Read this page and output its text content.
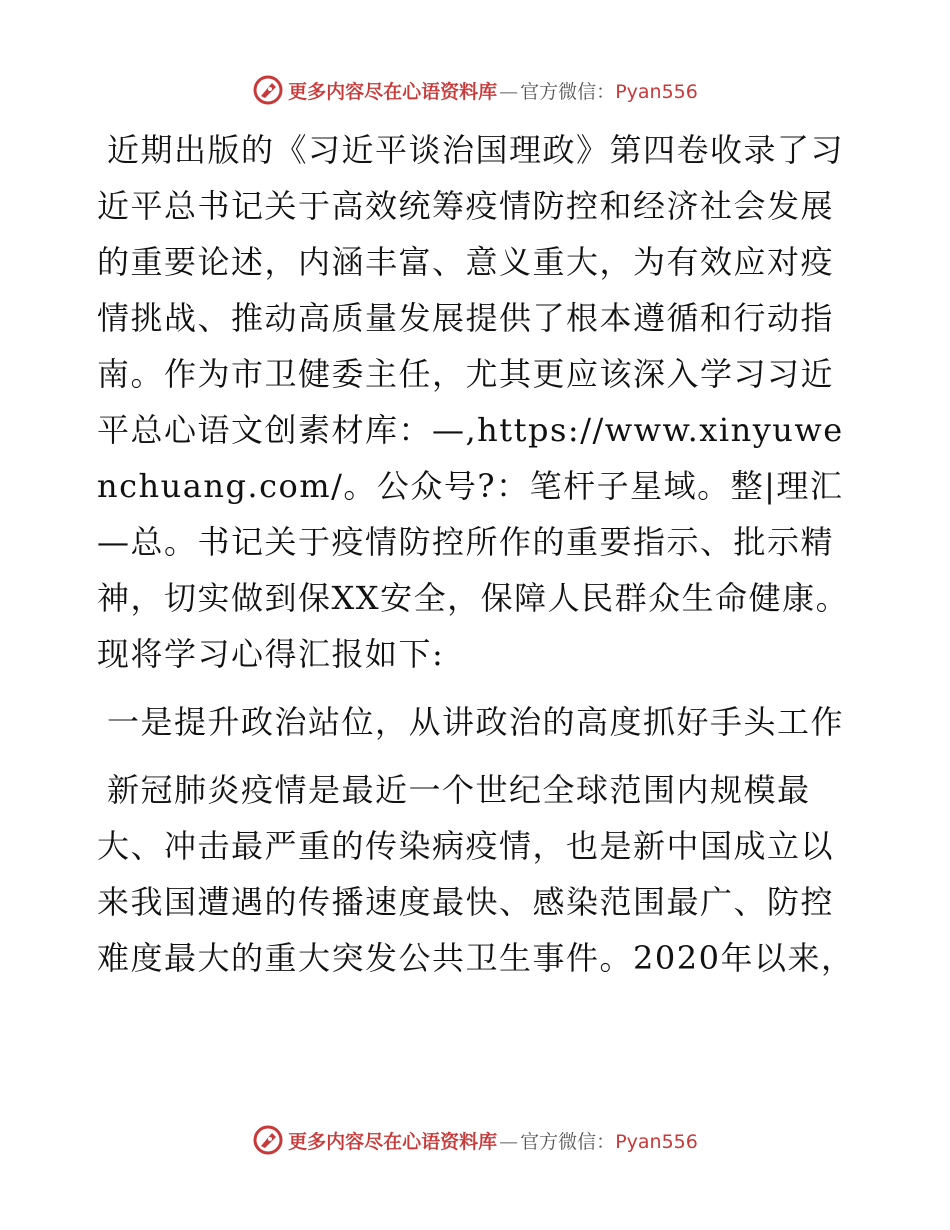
更多内容尽在心语资料库 — 官方微信：Pyan556

近期出版的《习近平谈治国理政》第四卷收录了习近平总书记关于高效统筹疫情防控和经济社会发展的重要论述，内涵丰富、意义重大，为有效应对疫情挑战、推动高质量发展提供了根本遵循和行动指南。作为市卫健委主任，尤其更应该深入学习习近平总心语文创素材库：—,https://www.xinyuwenchuang.com/。公众号?：笔杆子星域。整|理汇—总。书记关于疫情防控所作的重要指示、批示精神，切实做到保XX安全，保障人民群众生命健康。现将学习心得汇报如下:

一是提升政治站位，从讲政治的高度抓好手头工作

新冠肺炎疫情是最近一个世纪全球范围内规模最大、冲击最严重的传染病疫情，也是新中国成立以来我国遭遇的传播速度最快、感染范围最广、防控难度最大的重大突发公共卫生事件。2020年以来，

更多内容尽在心语资料库 — 官方微信：Pyan556
